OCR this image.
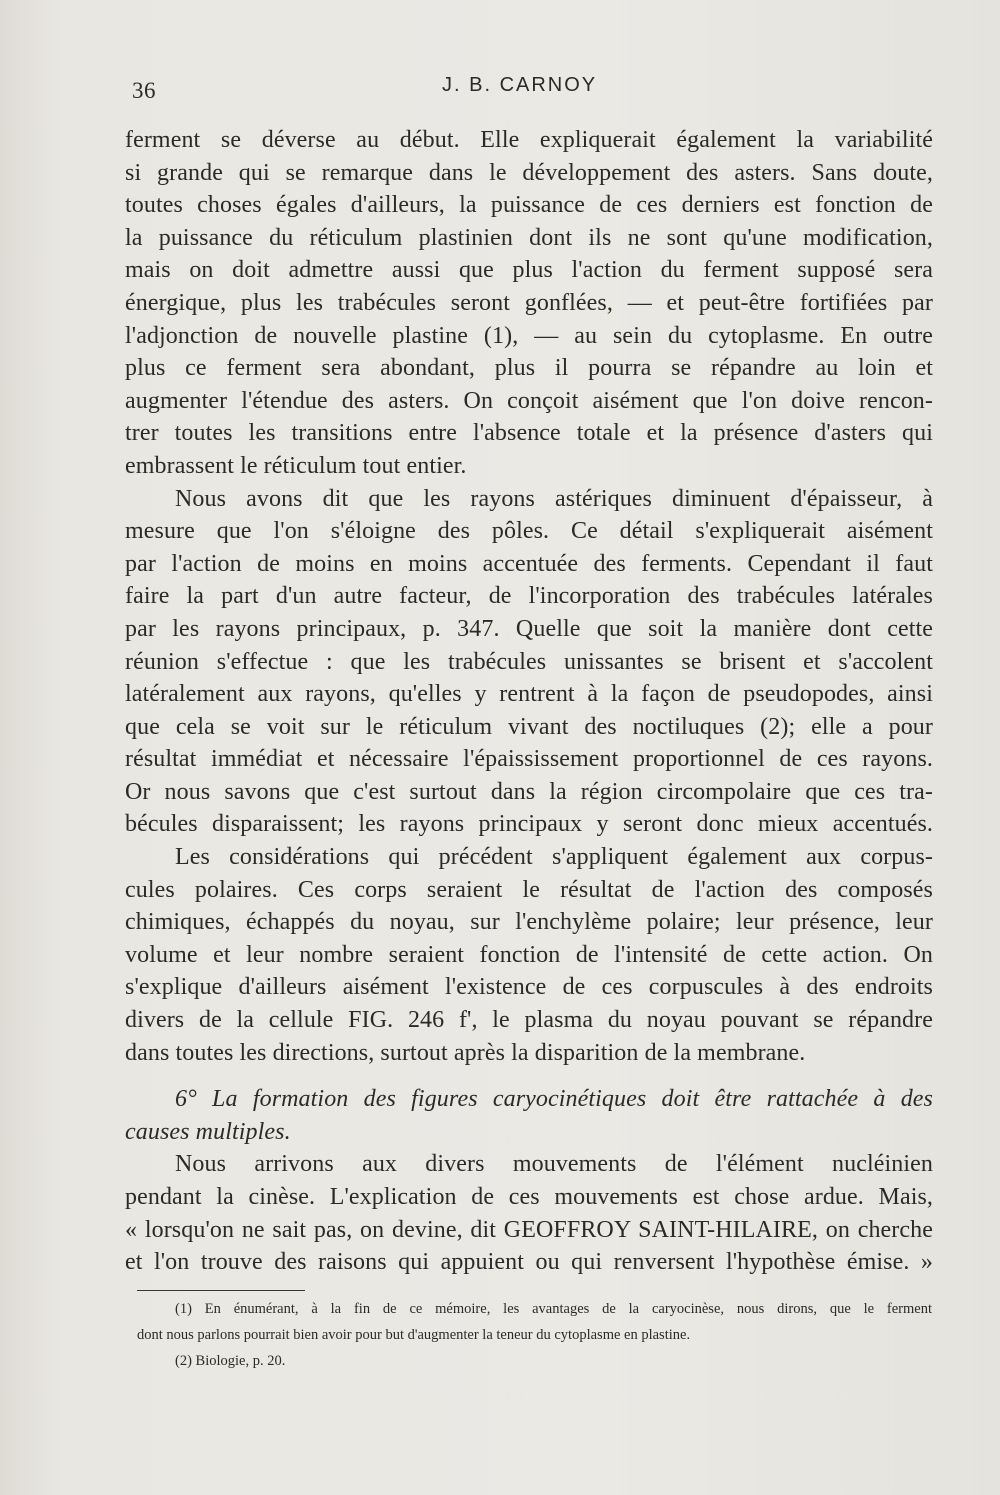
36	J. B. CARNOY
ferment se déverse au début. Elle expliquerait également la variabilité
si grande qui se remarque dans le développement des asters. Sans doute,
toutes choses égales d'ailleurs, la puissance de ces derniers est fonction de
la puissance du réticulum plastinien dont ils ne sont qu'une modification,
mais on doit admettre aussi que plus l'action du ferment supposé sera
énergique, plus les trabécules seront gonflées, — et peut-être fortifiées par
l'adjonction de nouvelle plastine (1), — au sein du cytoplasme. En outre
plus ce ferment sera abondant, plus il pourra se répandre au loin et
augmenter l'étendue des asters. On conçoit aisément que l'on doive rencon-
trer toutes les transitions entre l'absence totale et la présence d'asters qui
embrassent le réticulum tout entier.
Nous avons dit que les rayons astériques diminuent d'épaisseur, à
mesure que l'on s'éloigne des pôles. Ce détail s'expliquerait aisément
par l'action de moins en moins accentuée des ferments. Cependant il faut
faire la part d'un autre facteur, de l'incorporation des trabécules latérales
par les rayons principaux, p. 347. Quelle que soit la manière dont cette
réunion s'effectue : que les trabécules unissantes se brisent et s'accolent
latéralement aux rayons, qu'elles y rentrent à la façon de pseudopodes, ainsi
que cela se voit sur le réticulum vivant des noctiluques (2); elle a pour
résultat immédiat et nécessaire l'épaississement proportionnel de ces rayons.
Or nous savons que c'est surtout dans la région circompolaire que ces tra-
bécules disparaissent; les rayons principaux y seront donc mieux accentués.
Les considérations qui précédent s'appliquent également aux corpus-
cules polaires. Ces corps seraient le résultat de l'action des composés
chimiques, échappés du noyau, sur l'enchylème polaire; leur présence, leur
volume et leur nombre seraient fonction de l'intensité de cette action. On
s'explique d'ailleurs aisément l'existence de ces corpuscules à des endroits
divers de la cellule FIG. 246 f', le plasma du noyau pouvant se répandre
dans toutes les directions, surtout après la disparition de la membrane.
6° La formation des figures caryocinétiques doit être rattachée à des
causes multiples.
Nous arrivons aux divers mouvements de l'élément nucléinien
pendant la cinèse. L'explication de ces mouvements est chose ardue. Mais,
« lorsqu'on ne sait pas, on devine, dit GEOFFROY SAINT-HILAIRE, on cherche
et l'on trouve des raisons qui appuient ou qui renversent l'hypothèse émise. »
(1) En énumérant, à la fin de ce mémoire, les avantages de la caryocinèse, nous dirons, que le ferment
dont nous parlons pourrait bien avoir pour but d'augmenter la teneur du cytoplasme en plastine.
(2) Biologie, p. 20.
